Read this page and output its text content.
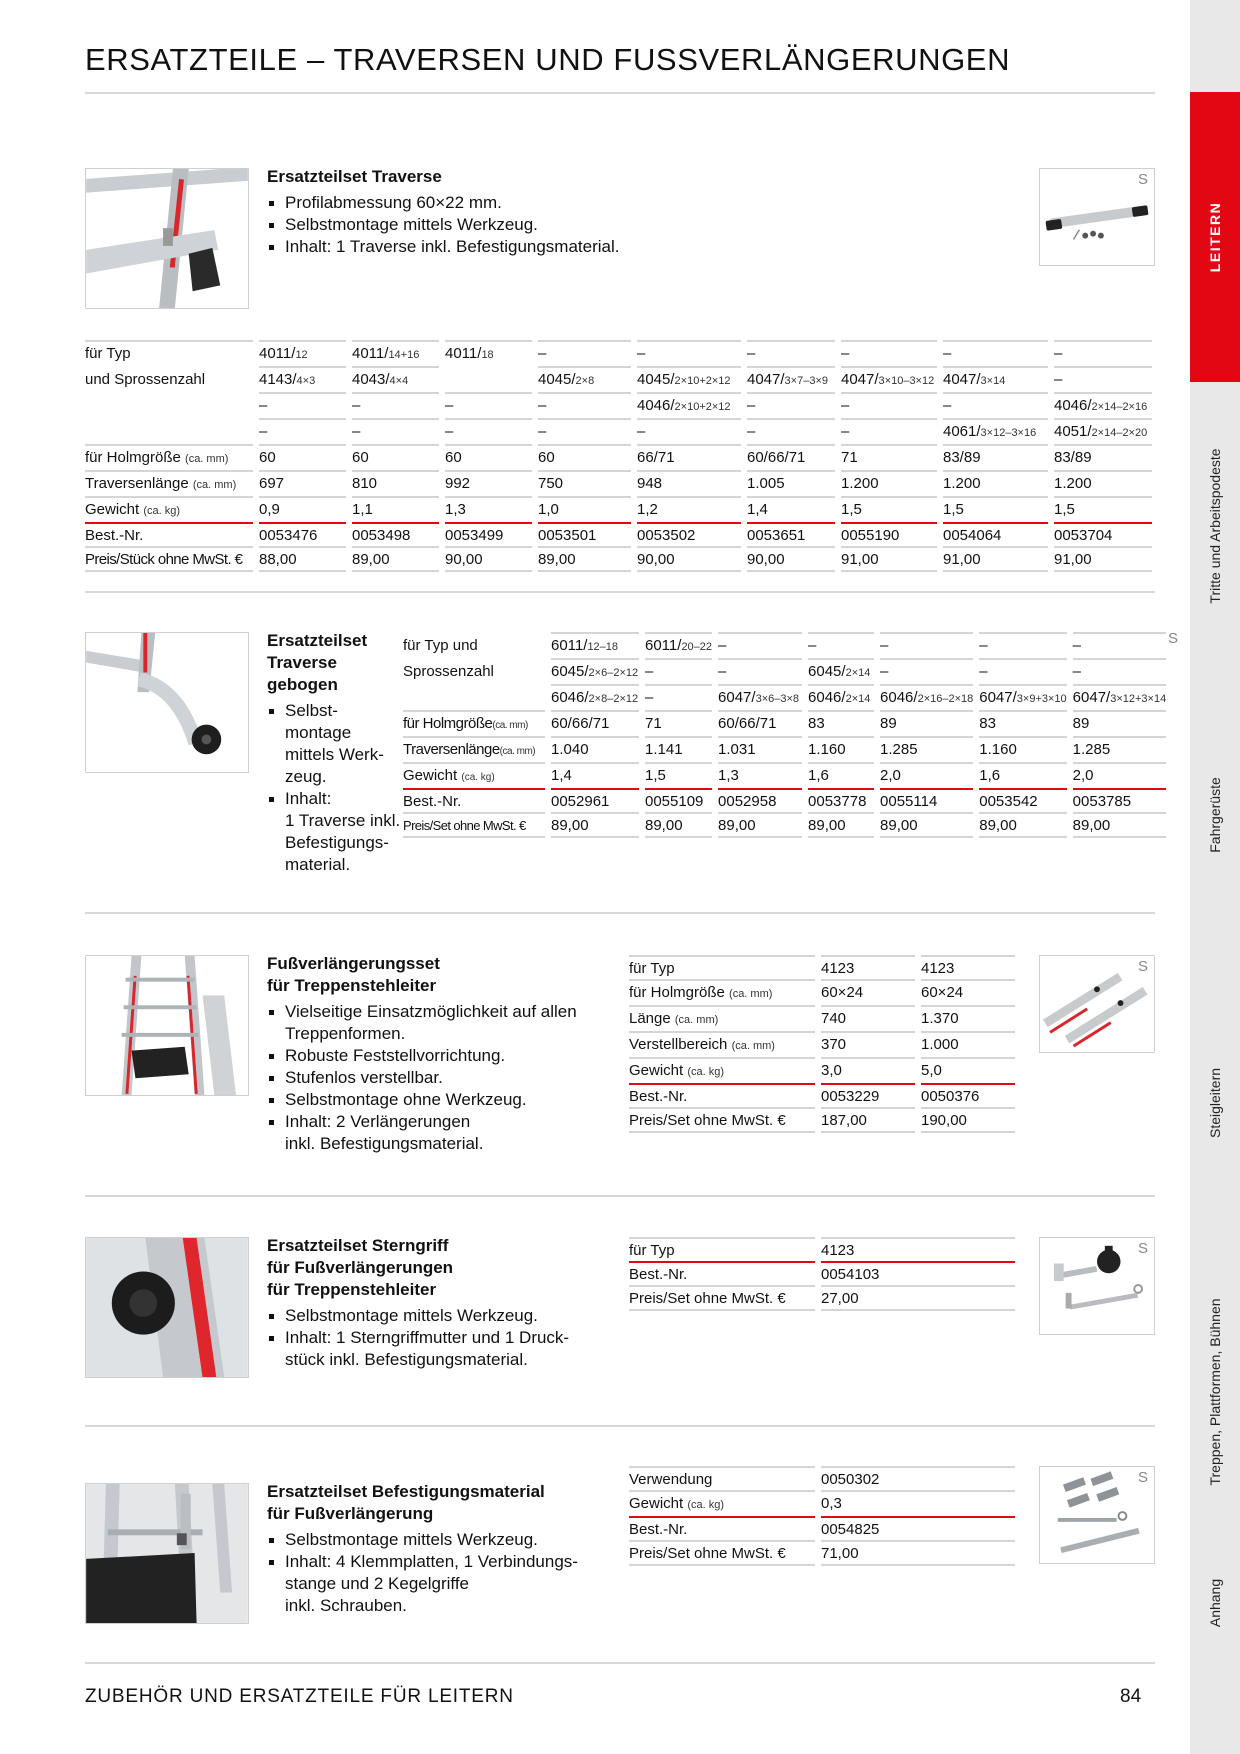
ERSATZTEILE – TRAVERSEN UND FUSSVERLÄNGERUNGEN
LEITERN
Tritte und Arbeitspodeste
Fahrgerüste
Steigleitern
Treppen, Plattformen, Bühnen
Anhang
Ersatzteilset Traverse
Profilabmessung 60×22 mm.
Selbstmontage mittels Werkzeug.
Inhalt: 1 Traverse inkl. Befestigungsmaterial.
S
für Typ	4011/12	4011/14+16	4011/18	–	–	–	–	–	–
und Sprossenzahl	4143/4×3	4043/4×4		4045/2×8	4045/2×10+2×12	4047/3×7–3×9	4047/3×10–3×12	4047/3×14	–
	–	–	–	–	4046/2×10+2×12	–	–	–	4046/2×14–2×16
	–	–	–	–	–	–	–	4061/3×12–3×16	4051/2×14–2×20
für Holmgröße (ca. mm)	60	60	60	60	66/71	60/66/71	71	83/89	83/89
Traversenlänge (ca. mm)	697	810	992	750	948	1.005	1.200	1.200	1.200
Gewicht (ca. kg)	0,9	1,1	1,3	1,0	1,2	1,4	1,5	1,5	1,5
Best.-Nr.	0053476	0053498	0053499	0053501	0053502	0053651	0055190	0054064	0053704
Preis/Stück ohne MwSt. €	88,00	89,00	90,00	89,00	90,00	90,00	91,00	91,00	91,00
Ersatzteilset
Traverse
gebogen
Selbst-
montage
mittels Werk-
zeug.
Inhalt:
1 Traverse inkl.
Befestigungs-
material.
S
für Typ und	6011/12–18	6011/20–22	–	–	–	–	–
Sprossenzahl	6045/2×6–2×12	–	–	6045/2×14	–	–	–
	6046/2×8–2×12	–	6047/3×6–3×8	6046/2×14	6046/2×16–2×18	6047/3×9+3×10	6047/3×12+3×14
für Holmgröße(ca. mm)	60/66/71	71	60/66/71	83	89	83	89
Traversenlänge(ca. mm)	1.040	1.141	1.031	1.160	1.285	1.160	1.285
Gewicht (ca. kg)	1,4	1,5	1,3	1,6	2,0	1,6	2,0
Best.-Nr.	0052961	0055109	0052958	0053778	0055114	0053542	0053785
Preis/Set ohne MwSt. €	89,00	89,00	89,00	89,00	89,00	89,00	89,00
Fußverlängerungsset
für Treppenstehleiter
Vielseitige Einsatzmöglichkeit auf allen
Treppenformen.
Robuste Feststellvorrichtung.
Stufenlos verstellbar.
Selbstmontage ohne Werkzeug.
Inhalt: 2 Verlängerungen
inkl. Befestigungsmaterial.
für Typ	4123	4123
für Holmgröße (ca. mm)	60×24	60×24
Länge (ca. mm)	740	1.370
Verstellbereich (ca. mm)	370	1.000
Gewicht (ca. kg)	3,0	5,0
Best.-Nr.	0053229	0050376
Preis/Set ohne MwSt. €	187,00	190,00
S
Ersatzteilset Sterngriff
für Fußverlängerungen
für Treppenstehleiter
Selbstmontage mittels Werkzeug.
Inhalt: 1 Sterngriffmutter und 1 Druck-
stück inkl. Befestigungsmaterial.
für Typ	4123
Best.-Nr.	0054103
Preis/Set ohne MwSt. €	27,00
S
Ersatzteilset Befestigungsmaterial
für Fußverlängerung
Selbstmontage mittels Werkzeug.
Inhalt: 4 Klemmplatten, 1 Verbindungs-
stange und 2 Kegelgriffe
inkl. Schrauben.
Verwendung	0050302
Gewicht (ca. kg)	0,3
Best.-Nr.	0054825
Preis/Set ohne MwSt. €	71,00
S
ZUBEHÖR UND ERSATZTEILE FÜR LEITERN	84
